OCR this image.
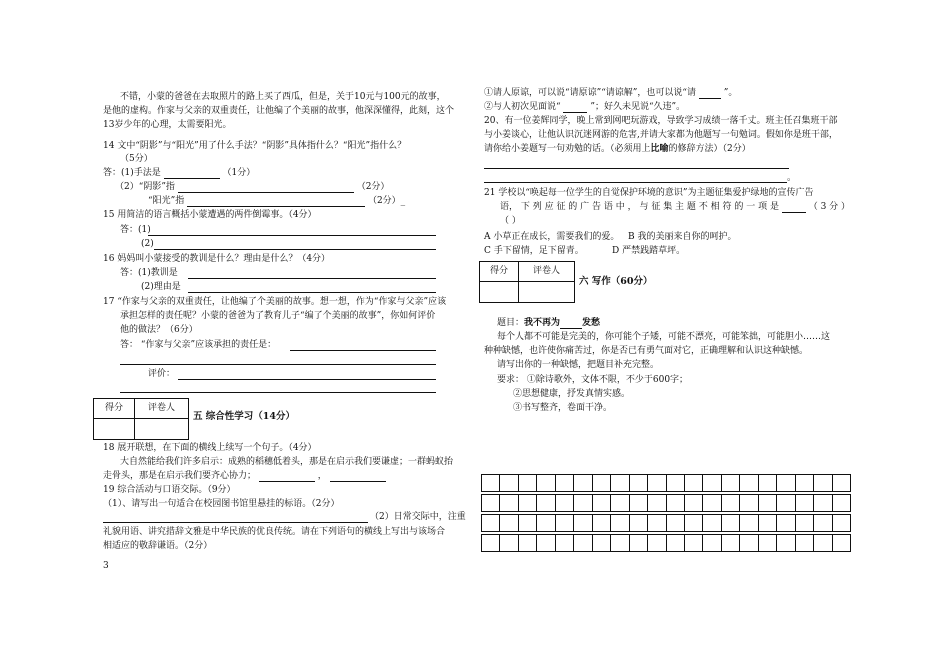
不错，小蒙的爸爸在去取照片的路上买了西瓜，但是，关于10元与100元的故事，
是他的虚构。作家与父亲的双重责任，让他编了个美丽的故事，他深深懂得，此刻，这个
13岁少年的心理，太需要阳光。
14 文中“阴影”与“阳光”用了什么手法？“阴影”具体指什么？“阳光”指什么？
（5分）
答：(1)手法是	（1分）
（2）“阴影”指	（2分）
“阳光”指	（2分）_
15 用简洁的语言概括小蒙遭遇的两件倒霉事。（4分）
答：(1)
(2)
16 妈妈叫小蒙接受的教训是什么？理由是什么？（4分）
答：(1)教训是
(2)理由是
17 “作家与父亲的双重责任，让他编了个美丽的故事。想一想，作为“作家与父亲”应该
承担怎样的责任呢？小蒙的爸爸为了教育儿子“编了个美丽的故事”，你如何评价
他的做法？（6分）
答： “作家与父亲”应该承担的责任是：
评价：
得分	评卷人
五 综合性学习（14分）
18 展开联想，在下面的横线上续写一个句子。（4分）
大自然能给我们许多启示：成熟的稻穗低着头，那是在启示我们要谦虚；一群蚂蚁抬
走骨头，那是在启示我们要齐心协力；	，
19 综合活动与口语交际。（9分）
（1）、请写出一句适合在校园图书馆里悬挂的标语。（2分）
（2）日常交际中，注重
礼貌用语、讲究措辞文雅是中华民族的优良传统。请在下列语句的横线上写出与该场合
相适应的敬辞谦语。（2分）
3
①请人原谅，可以说“请原谅”“请谅解”，也可以说“请	”。
②与人初次见面说“	”；好久未见说“久违”。
20、有一位姜辉同学，晚上常到网吧玩游戏，导致学习成绩一落千丈。班主任召集班干部
与小姜谈心，让他认识沉迷网游的危害,并请大家都为他题写一句勉词。假如你是班干部，
请你给小姜题写一句劝勉的话。（必须用上比喻的修辞方法）（2分）
。
21 学校以“唤起每一位学生的自觉保护环境的意识”为主题征集爱护绿地的宣传广告
语， 下 列 应 征 的 广 告 语 中 ， 与 征 集 主 题 不 相 符 的 一 项 是	（ 3 分 ）
（ ）
A 小草正在成长，需要我们的爱。 B 我的美丽来自你的呵护。
C 手下留情，足下留青。	D 严禁践踏草坪。
得分	评卷人
六 写作（60分）
题目：我不再为 发愁
每个人都不可能是完美的，你可能个子矮，可能不漂亮，可能笨拙，可能胆小……这
种种缺憾，也许使你痛苦过，你是否已有勇气面对它，正确理解和认识这种缺憾。
请写出你的一种缺憾，把题目补充完整。
要求： ①除诗歌外，文体不限，不少于600字；
②思想健康，抒发真情实感。
③书写整齐，卷面干净。
